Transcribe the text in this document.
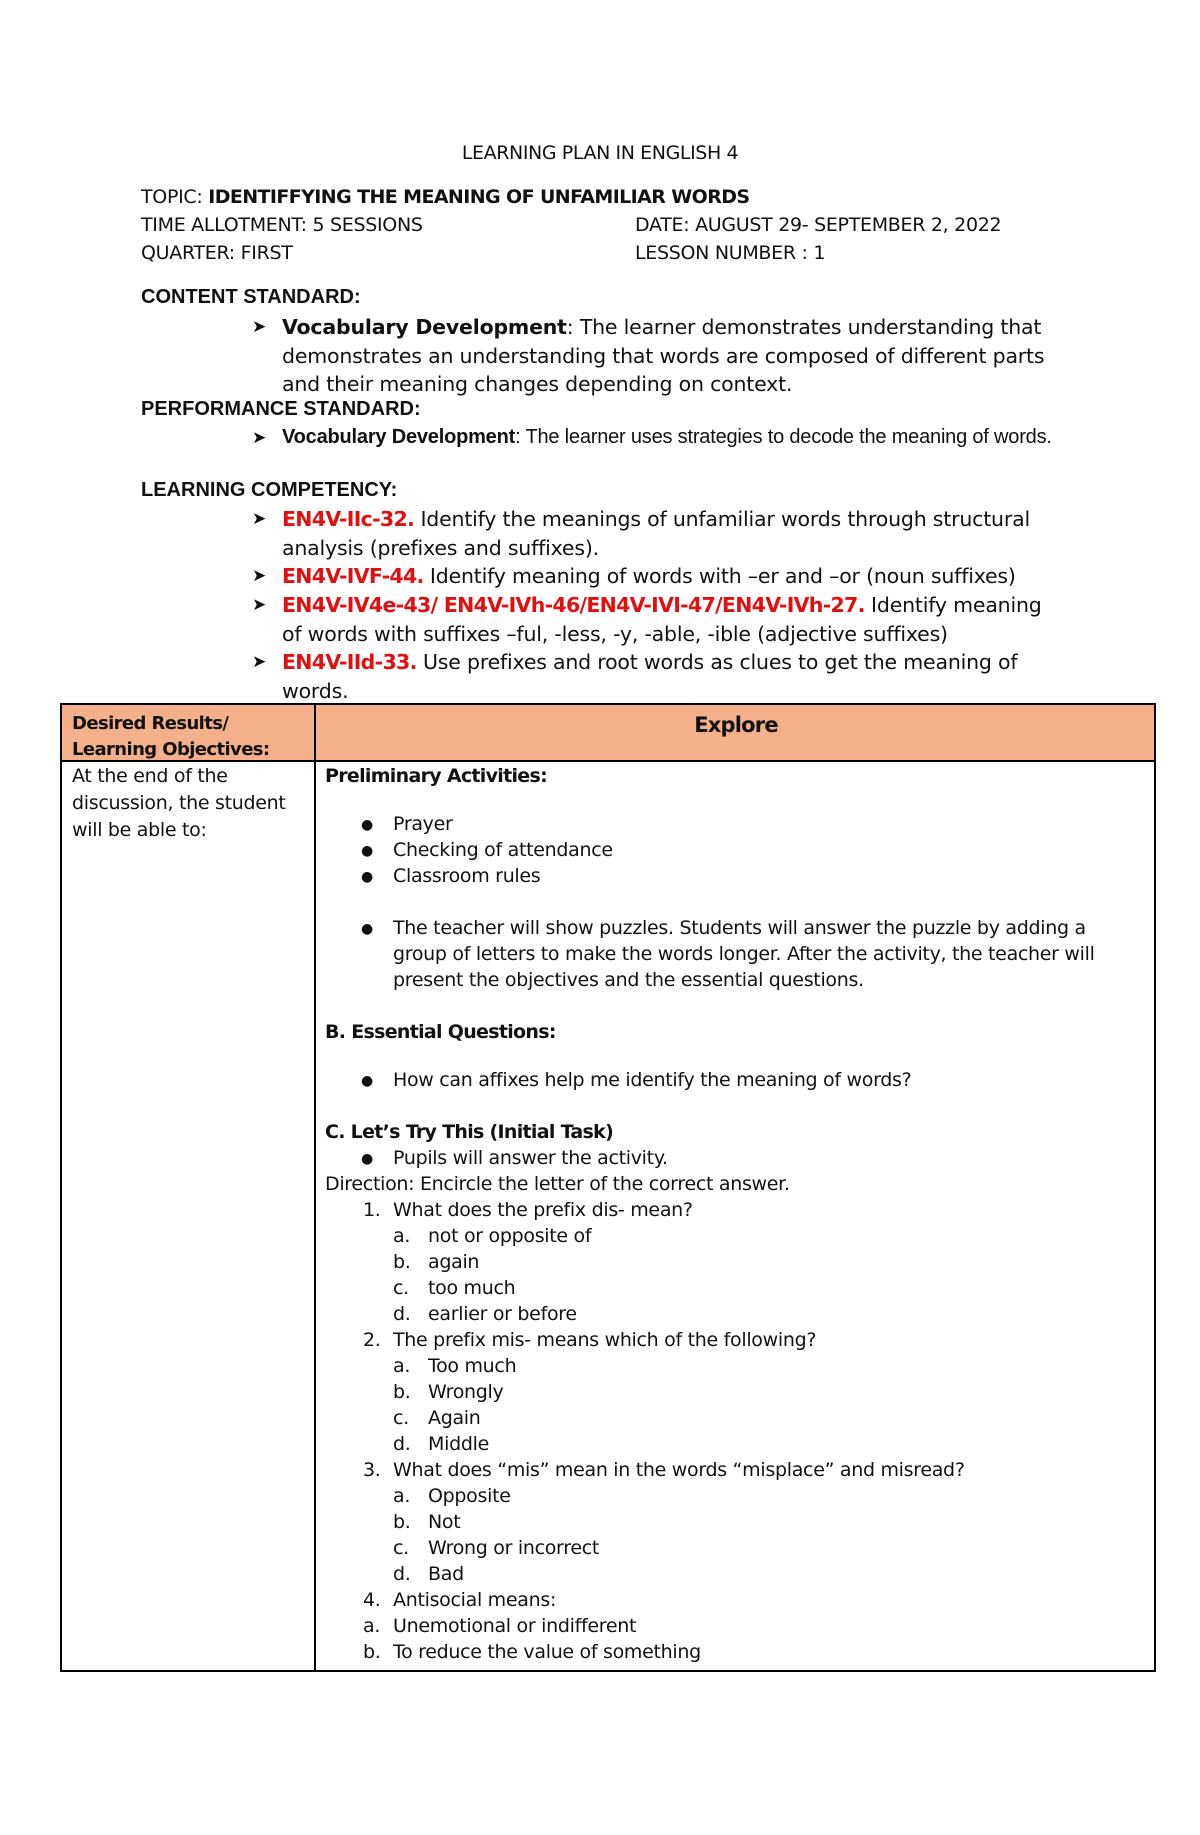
LEARNING PLAN IN ENGLISH 4
TOPIC: IDENTIFFYING THE MEANING OF UNFAMILIAR WORDS
TIME ALLOTMENT: 5 SESSIONS	DATE: AUGUST 29- SEPTEMBER 2, 2022
QUARTER: FIRST	LESSON NUMBER : 1
CONTENT STANDARD:
➤ Vocabulary Development: The learner demonstrates understanding that demonstrates an understanding that words are composed of different parts and their meaning changes depending on context.
PERFORMANCE STANDARD:
➤ Vocabulary Development: The learner uses strategies to decode the meaning of words.
LEARNING COMPETENCY:
➤ EN4V-IIc-32. Identify the meanings of unfamiliar words through structural analysis (prefixes and suffixes).
➤ EN4V-IVF-44. Identify meaning of words with –er and –or (noun suffixes)
➤ EN4V-IV4e-43/ EN4V-IVh-46/EN4V-IVI-47/EN4V-IVh-27. Identify meaning of words with suffixes –ful, -less, -y, -able, -ible (adjective suffixes)
➤ EN4V-IId-33. Use prefixes and root words as clues to get the meaning of words.
Desired Results/
Learning Objectives:
Explore
At the end of the discussion, the student will be able to:
Preliminary Activities:
● Prayer
● Checking of attendance
● Classroom rules
● The teacher will show puzzles. Students will answer the puzzle by adding a
group of letters to make the words longer. After the activity, the teacher will
present the objectives and the essential questions.
B. Essential Questions:
● How can affixes help me identify the meaning of words?
C. Let’s Try This (Initial Task)
● Pupils will answer the activity.
Direction: Encircle the letter of the correct answer.
1. What does the prefix dis- mean?
a. not or opposite of
b. again
c. too much
d. earlier or before
2. The prefix mis- means which of the following?
a. Too much
b. Wrongly
c. Again
d. Middle
3. What does “mis” mean in the words “misplace” and misread?
a. Opposite
b. Not
c. Wrong or incorrect
d. Bad
4. Antisocial means:
a. Unemotional or indifferent
b. To reduce the value of something
